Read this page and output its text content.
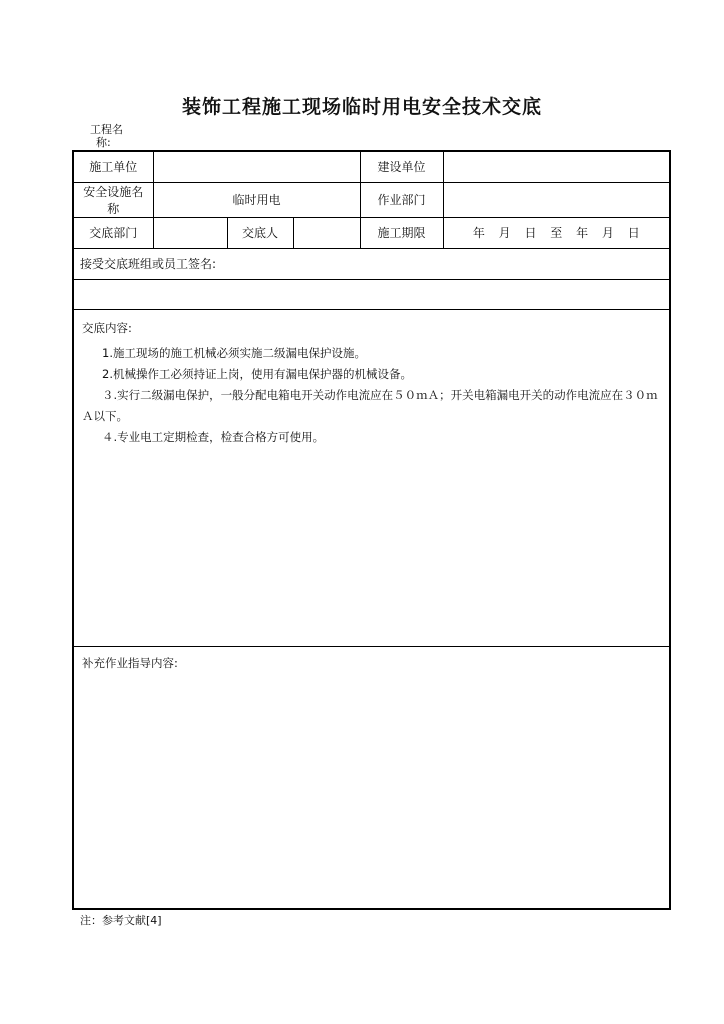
装饰工程施工现场临时用电安全技术交底
工程名
称:
施工单位				建设单位	
安全设施名称	临时用电			作业部门	
交底部门		交底人		施工期限	年 月 日 至 年 月 日
接受交底班组或员工签名:					

交底内容:

1.施工现场的施工机械必须实施二级漏电保护设施。

2.机械操作工必须持证上岗，使用有漏电保护器的机械设备。

３.实行二级漏电保护，一般分配电箱电开关动作电流应在５０ｍＡ；开关电箱漏电开关的动作电流应在３０ｍＡ以下。

４.专业电工定期检查，检查合格方可使用。					

补充作业指导内容:					
注：参考文献[4]
